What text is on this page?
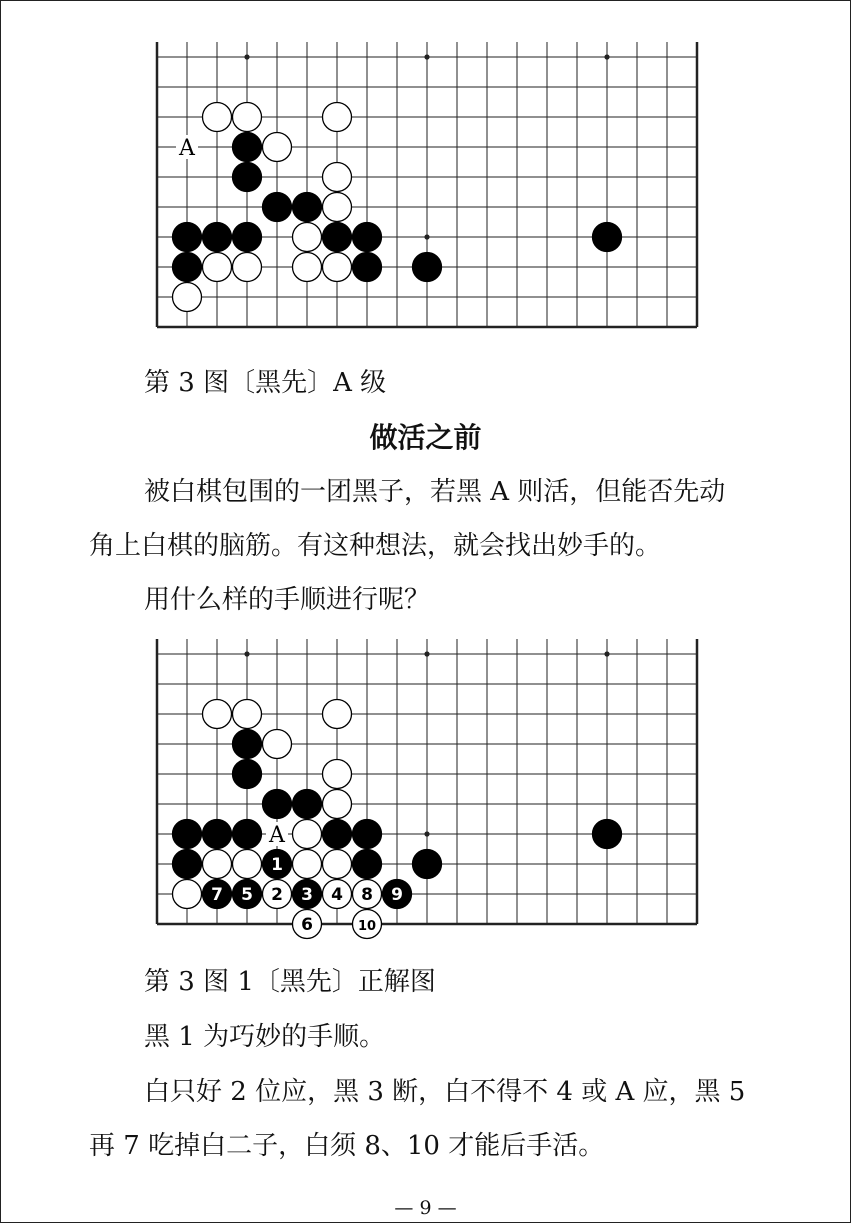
A
第 3 图〔黑先〕A 级
做活之前
被白棋包围的一团黑子，若黑 A 则活，但能否先动
角上白棋的脑筋。有这种想法，就会找出妙手的。
用什么样的手顺进行呢？
1
2 3 4
5
6
7	8 9
10
A
第 3 图 1〔黑先〕正解图
黑 1 为巧妙的手顺。
白只好 2 位应，黑 3 断，白不得不 4 或 A 应，黑 5
再 7 吃掉白二子，白须 8、10 才能后手活。
— 9 —
